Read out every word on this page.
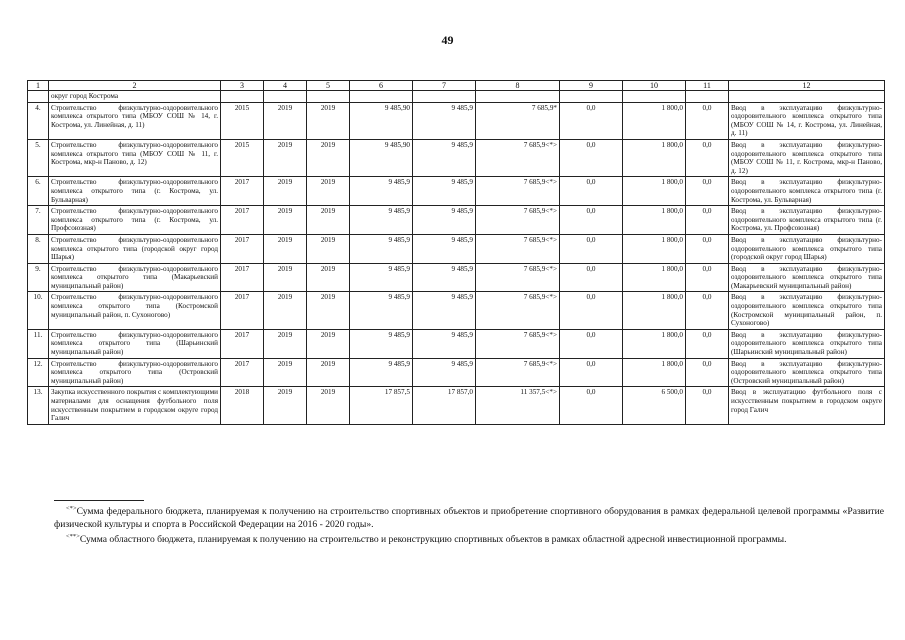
49
1	2	3	4	5	6	7	8	9	10	11	12
	округ город Кострома										
4.	Строительство физкультурно-оздоровительного комплекса открытого типа (МБОУ СОШ № 14, г. Кострома, ул. Линейная, д. 11)	2015	2019	2019	9 485,90	9 485,9	7 685,9*	0,0	1 800,0	0,0	Ввод в эксплуатацию физкультурно-оздоровительного комплекса открытого типа (МБОУ СОШ № 14, г. Кострома, ул. Линейная, д. 11)
5.	Строительство физкультурно-оздоровительного комплекса открытого типа (МБОУ СОШ № 11, г. Кострома, мкр-н Паново, д. 12)	2015	2019	2019	9 485,90	9 485,9	7 685,9<*>	0,0	1 800,0	0,0	Ввод в эксплуатацию физкультурно-оздоровительного комплекса открытого типа (МБОУ СОШ № 11, г. Кострома, мкр-н Паново, д. 12)
6.	Строительство физкультурно-оздоровительного комплекса открытого типа (г. Кострома, ул. Бульварная)	2017	2019	2019	9 485,9	9 485,9	7 685,9<*>	0,0	1 800,0	0,0	Ввод в эксплуатацию физкультурно-оздоровительного комплекса открытого типа (г. Кострома, ул. Бульварная)
7.	Строительство физкультурно-оздоровительного комплекса открытого типа (г. Кострома, ул. Профсоюзная)	2017	2019	2019	9 485,9	9 485,9	7 685,9<*>	0,0	1 800,0	0,0	Ввод в эксплуатацию физкультурно-оздоровительного комплекса открытого типа (г. Кострома, ул. Профсоюзная)
8.	Строительство физкультурно-оздоровительного комплекса открытого типа (городской округ город Шарья)	2017	2019	2019	9 485,9	9 485,9	7 685,9<*>	0,0	1 800,0	0,0	Ввод в эксплуатацию физкультурно-оздоровительного комплекса открытого типа (городской округ город Шарья)
9.	Строительство физкультурно-оздоровительного комплекса открытого типа (Макарьевский муниципальный район)	2017	2019	2019	9 485,9	9 485,9	7 685,9<*>	0,0	1 800,0	0,0	Ввод в эксплуатацию физкультурно-оздоровительного комплекса открытого типа (Макарьевский муниципальный район)
10.	Строительство физкультурно-оздоровительного комплекса открытого типа (Костромской муниципальный район, п. Сухоногово)	2017	2019	2019	9 485,9	9 485,9	7 685,9<*>	0,0	1 800,0	0,0	Ввод в эксплуатацию физкультурно-оздоровительного комплекса открытого типа (Костромской муниципальный район, п. Сухоногово)
11.	Строительство физкультурно-оздоровительного комплекса открытого типа (Шарьинский муниципальный район)	2017	2019	2019	9 485,9	9 485,9	7 685,9<*>	0,0	1 800,0	0,0	Ввод в эксплуатацию физкультурно-оздоровительного комплекса открытого типа (Шарьинский муниципальный район)
12.	Строительство физкультурно-оздоровительного комплекса открытого типа (Островский муниципальный район)	2017	2019	2019	9 485,9	9 485,9	7 685,9<*>	0,0	1 800,0	0,0	Ввод в эксплуатацию физкультурно-оздоровительного комплекса открытого типа (Островский муниципальный район)
13.	Закупка искусственного покрытия с комплектующими материалами для оснащения футбольного поля искусственным покрытием в городском округе город Галич	2018	2019	2019	17 857,5	17 857,0	11 357,5<*>	0,0	6 500,0	0,0	Ввод в эксплуатацию футбольного поля с искусственным покрытием в городском округе город Галич
<*>Сумма федерального бюджета, планируемая к получению на строительство спортивных объектов и приобретение спортивного оборудования в рамках федеральной целевой программы «Развитие физической культуры и спорта в Российской Федерации на 2016 - 2020 годы».
<**>Сумма областного бюджета, планируемая к получению на строительство и реконструкцию спортивных объектов в рамках областной адресной инвестиционной программы.
